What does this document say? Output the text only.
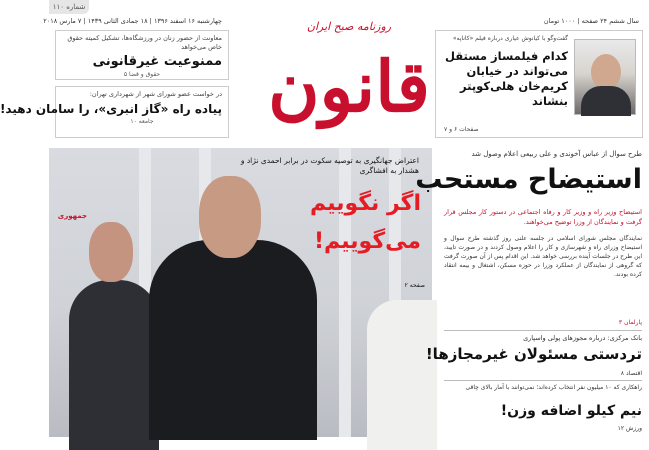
شماره ۱۱۰
چهارشنبه ۱۶ اسفند ۱۳۹۶ | ۱۸ جمادی الثانی ۱۴۳۹ | ۷ مارس ۲۰۱۸	سال ششم ۲۴ صفحه | ۱۰۰۰ تومان
روزنامه صبح ایران
قانون
معاونت از حضور زنان در ورزشگاه‌ها، تشکیل کمیته حقوق خاص می‌خواهد
ممنوعیت غیرقانونی
حقوق و قضا ۵
در خواست عضو شورای شهر از شهرداری تهران:
پیاده راه «گاز انبری»، را سامان دهید!
جامعه ۱۰
گفت‌وگو با کیانوش عیاری درباره فیلم «کاناپه»
کدام فیلمساز مستقل می‌تواند در خیابان کریم‌خان هلی‌کوپتر بنشاند
صفحات ۶ و ۷
جمهوری
اعتراض جهانگیری به توصیه سکوت در برابر احمدی نژاد و هشدار به افشاگری
اگر نگوییم
می‌گوییم!
صفحه ۲
طرح سوال از عباس آخوندی و علی ربیعی اعلام وصول شد
استیضاح مستحب
استیضاح وزیر راه و وزیر کار و رفاه اجتماعی در دستور کار مجلس قرار گرفت و نمایندگان از وزرا توضیح می‌خواهند.
نمایندگان مجلس شورای اسلامی در جلسه علنی روز گذشته طرح سوال و استیضاح وزرای راه و شهرسازی و کار را اعلام وصول کردند و در صورت تایید، این طرح در جلسات آینده بررسی خواهد شد. این اقدام پس از آن صورت گرفت که گروهی از نمایندگان از عملکرد وزرا در حوزه مسکن، اشتغال و بیمه انتقاد کرده بودند.
پارلمان ۳
بانک مرکزی: درباره مجوزهای پولی واسپاری
تردستی مسئولان غیرمجاز‌ها!
اقتصاد ۸
راهکاری که ۱۰ میلیون نفر انتخاب کرده‌اند؛ نمی‌توانند با آمار بالای چاقی
نیم کیلو اضافه وزن!
ورزش ۱۲
